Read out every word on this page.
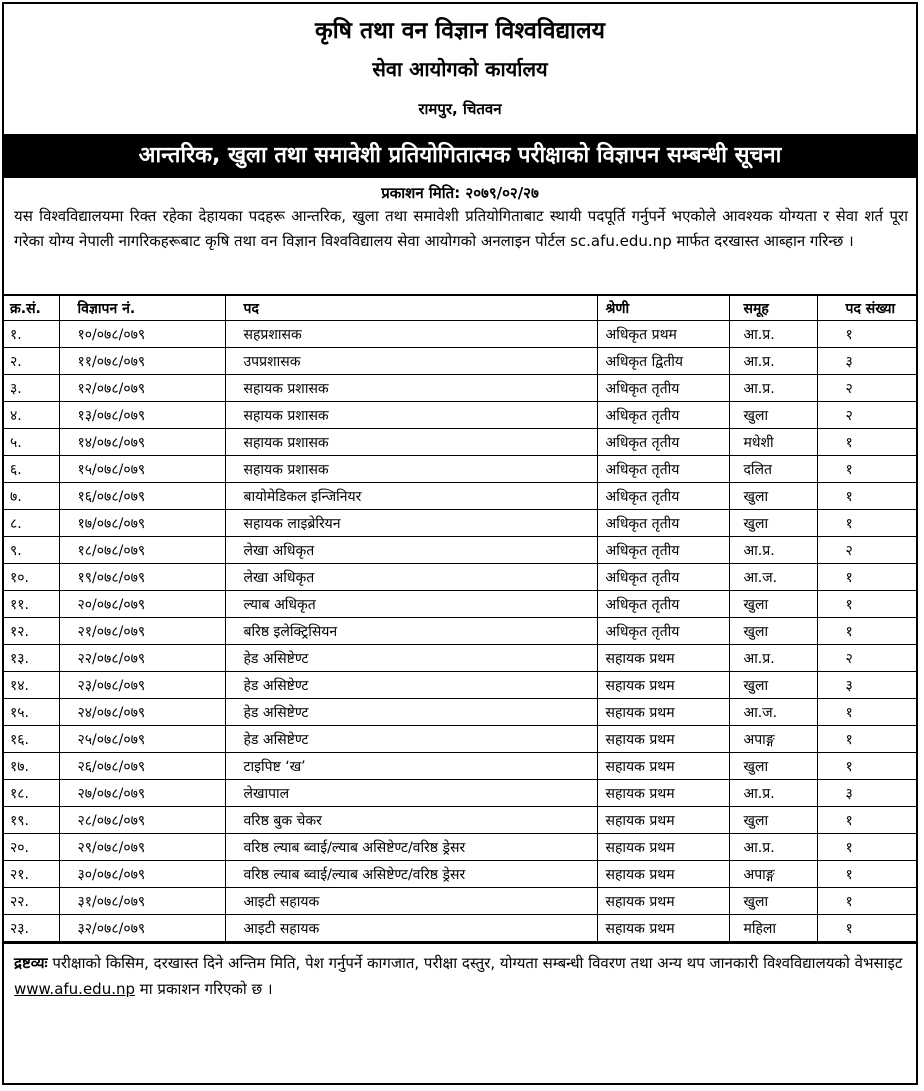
कृषि तथा वन विज्ञान विश्वविद्यालय
सेवा आयोगको कार्यालय
रामपुर, चितवन
आन्तरिक, खुला तथा समावेशी प्रतियोगितात्मक परीक्षाको विज्ञापन सम्बन्धी सूचना
प्रकाशन मिति: २०७९/०२/२७
यस विश्वविद्यालयमा रिक्त रहेका देहायका पदहरू आन्तरिक, खुला तथा समावेशी प्रतियोगिताबाट स्थायी पदपूर्ति गर्नुपर्ने भएकोले आवश्यक योग्यता र सेवा शर्त पूरा गरेका योग्य नेपाली नागरिकहरूबाट कृषि तथा वन विज्ञान विश्वविद्यालय सेवा आयोगको अनलाइन पोर्टल sc.afu.edu.np मार्फत दरखास्त आब्हान गरिन्छ ।
क्र.सं.	विज्ञापन नं.	पद	श्रेणी	समूह	पद संख्या
१.	१०/०७८/०७९	सहप्रशासक	अधिकृत प्रथम	आ.प्र.	१
२.	११/०७८/०७९	उपप्रशासक	अधिकृत द्वितीय	आ.प्र.	३
३.	१२/०७८/०७९	सहायक प्रशासक	अधिकृत तृतीय	आ.प्र.	२
४.	१३/०७८/०७९	सहायक प्रशासक	अधिकृत तृतीय	खुला	२
५.	१४/०७८/०७९	सहायक प्रशासक	अधिकृत तृतीय	मधेशी	१
६.	१५/०७८/०७९	सहायक प्रशासक	अधिकृत तृतीय	दलित	१
७.	१६/०७८/०७९	बायोमेडिकल इन्जिनियर	अधिकृत तृतीय	खुला	१
८.	१७/०७८/०७९	सहायक लाइब्रेरियन	अधिकृत तृतीय	खुला	१
९.	१८/०७८/०७९	लेखा अधिकृत	अधिकृत तृतीय	आ.प्र.	२
१०.	१९/०७८/०७९	लेखा अधिकृत	अधिकृत तृतीय	आ.ज.	१
११.	२०/०७८/०७९	ल्याब अधिकृत	अधिकृत तृतीय	खुला	१
१२.	२१/०७८/०७९	बरिष्ठ इलेक्ट्रिसियन	अधिकृत तृतीय	खुला	१
१३.	२२/०७८/०७९	हेड असिष्टेण्ट	सहायक प्रथम	आ.प्र.	२
१४.	२३/०७८/०७९	हेड असिष्टेण्ट	सहायक प्रथम	खुला	३
१५.	२४/०७८/०७९	हेड असिष्टेण्ट	सहायक प्रथम	आ.ज.	१
१६.	२५/०७८/०७९	हेड असिष्टेण्ट	सहायक प्रथम	अपाङ्ग	१
१७.	२६/०७८/०७९	टाइपिष्ट ‘ख’	सहायक प्रथम	खुला	१
१८.	२७/०७८/०७९	लेखापाल	सहायक प्रथम	आ.प्र.	३
१९.	२८/०७८/०७९	वरिष्ठ बुक चेकर	सहायक प्रथम	खुला	१
२०.	२९/०७८/०७९	वरिष्ठ ल्याब ब्वाई/ल्याब असिष्टेण्ट/वरिष्ठ ड्रेसर	सहायक प्रथम	आ.प्र.	१
२१.	३०/०७८/०७९	वरिष्ठ ल्याब ब्वाई/ल्याब असिष्टेण्ट/वरिष्ठ ड्रेसर	सहायक प्रथम	अपाङ्ग	१
२२.	३१/०७८/०७९	आइटी सहायक	सहायक प्रथम	खुला	१
२३.	३२/०७८/०७९	आइटी सहायक	सहायक प्रथम	महिला	१
द्रष्टव्यः परीक्षाको किसिम, दरखास्त दिने अन्तिम मिति, पेश गर्नुपर्ने कागजात, परीक्षा दस्तुर, योग्यता सम्बन्धी विवरण तथा अन्य थप जानकारी विश्वविद्यालयको वेभसाइट www.afu.edu.np मा प्रकाशन गरिएको छ ।
